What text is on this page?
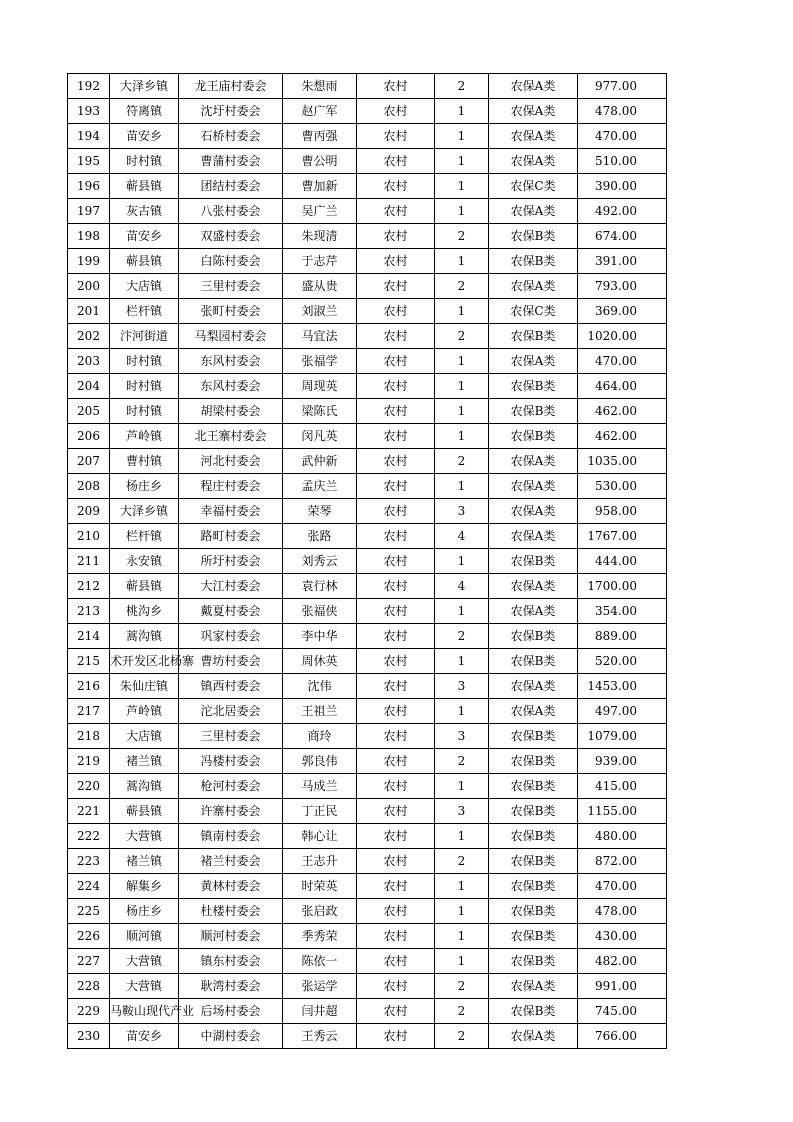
192	大泽乡镇	龙王庙村委会	朱想雨	农村	2	农保A类	977.00
193	符离镇	沈圩村委会	赵广军	农村	1	农保A类	478.00
194	苗安乡	石桥村委会	曹丙强	农村	1	农保A类	470.00
195	时村镇	曹蒲村委会	曹公明	农村	1	农保A类	510.00
196	蕲县镇	团结村委会	曹加新	农村	1	农保C类	390.00
197	灰古镇	八张村委会	吴广兰	农村	1	农保A类	492.00
198	苗安乡	双盛村委会	朱现清	农村	2	农保B类	674.00
199	蕲县镇	白陈村委会	于志芹	农村	1	农保B类	391.00
200	大店镇	三里村委会	盛从贵	农村	2	农保A类	793.00
201	栏杆镇	张町村委会	刘淑兰	农村	1	农保C类	369.00
202	汴河街道	马梨园村委会	马宜法	农村	2	农保B类	1020.00
203	时村镇	东风村委会	张福学	农村	1	农保A类	470.00
204	时村镇	东风村委会	周现英	农村	1	农保B类	464.00
205	时村镇	胡梁村委会	梁陈氏	农村	1	农保B类	462.00
206	芦岭镇	北王寨村委会	闵凡英	农村	1	农保B类	462.00
207	曹村镇	河北村委会	武仲新	农村	2	农保A类	1035.00
208	杨庄乡	程庄村委会	孟庆兰	农村	1	农保A类	530.00
209	大泽乡镇	幸福村委会	荣琴	农村	3	农保A类	958.00
210	栏杆镇	路町村委会	张路	农村	4	农保A类	1767.00
211	永安镇	所圩村委会	刘秀云	农村	1	农保B类	444.00
212	蕲县镇	大江村委会	袁行林	农村	4	农保A类	1700.00
213	桃沟乡	戴夏村委会	张福侠	农村	1	农保A类	354.00
214	蒿沟镇	巩家村委会	李中华	农村	2	农保B类	889.00
215	术开发区北杨寨	曹坊村委会	周休英	农村	1	农保B类	520.00
216	朱仙庄镇	镇西村委会	沈伟	农村	3	农保A类	1453.00
217	芦岭镇	沱北居委会	王祖兰	农村	1	农保A类	497.00
218	大店镇	三里村委会	商玲	农村	3	农保B类	1079.00
219	褚兰镇	冯楼村委会	郭良伟	农村	2	农保B类	939.00
220	蒿沟镇	枪河村委会	马成兰	农村	1	农保B类	415.00
221	蕲县镇	许寨村委会	丁正民	农村	3	农保B类	1155.00
222	大营镇	镇南村委会	韩心让	农村	1	农保B类	480.00
223	褚兰镇	褚兰村委会	王志升	农村	2	农保B类	872.00
224	解集乡	黄林村委会	时荣英	农村	1	农保B类	470.00
225	杨庄乡	杜楼村委会	张启政	农村	1	农保B类	478.00
226	顺河镇	顺河村委会	季秀荣	农村	1	农保B类	430.00
227	大营镇	镇东村委会	陈依一	农村	1	农保B类	482.00
228	大营镇	耿湾村委会	张运学	农村	2	农保A类	991.00
229	马鞍山现代产业	后场村委会	闫井超	农村	2	农保B类	745.00
230	苗安乡	中湖村委会	王秀云	农村	2	农保A类	766.00
